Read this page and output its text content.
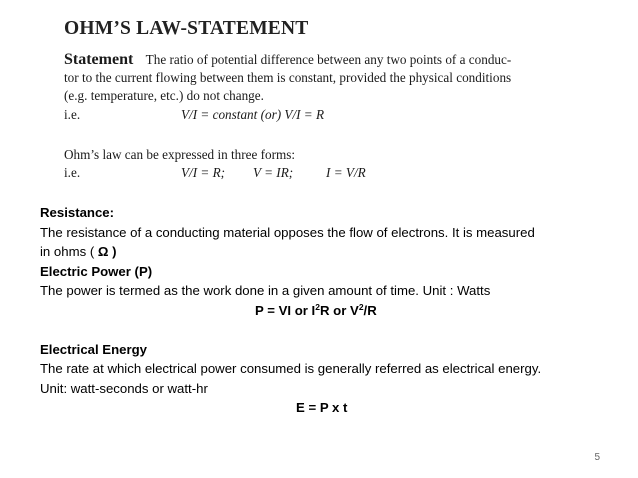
OHM’S LAW-STATEMENT
Statement The ratio of potential difference between any two points of a conduc-
tor to the current flowing between them is constant, provided the physical conditions
(e.g. temperature, etc.) do not change.
i.e.	V/I = constant (or) V/I = R
Ohm’s law can be expressed in three forms:
i.e.	V/I = R; V = IR; I = V/R
Resistance:
The resistance of a conducting material opposes the flow of electrons. It is measured
in ohms ( Ω )
Electric Power (P)
The power is termed as the work done in a given amount of time. Unit : Watts
P = VI or $I^2R$ or $V^2/R$
Electrical Energy
The rate at which electrical power consumed is generally referred as electrical energy.
Unit: watt-seconds or watt-hr
E = P x t
5
